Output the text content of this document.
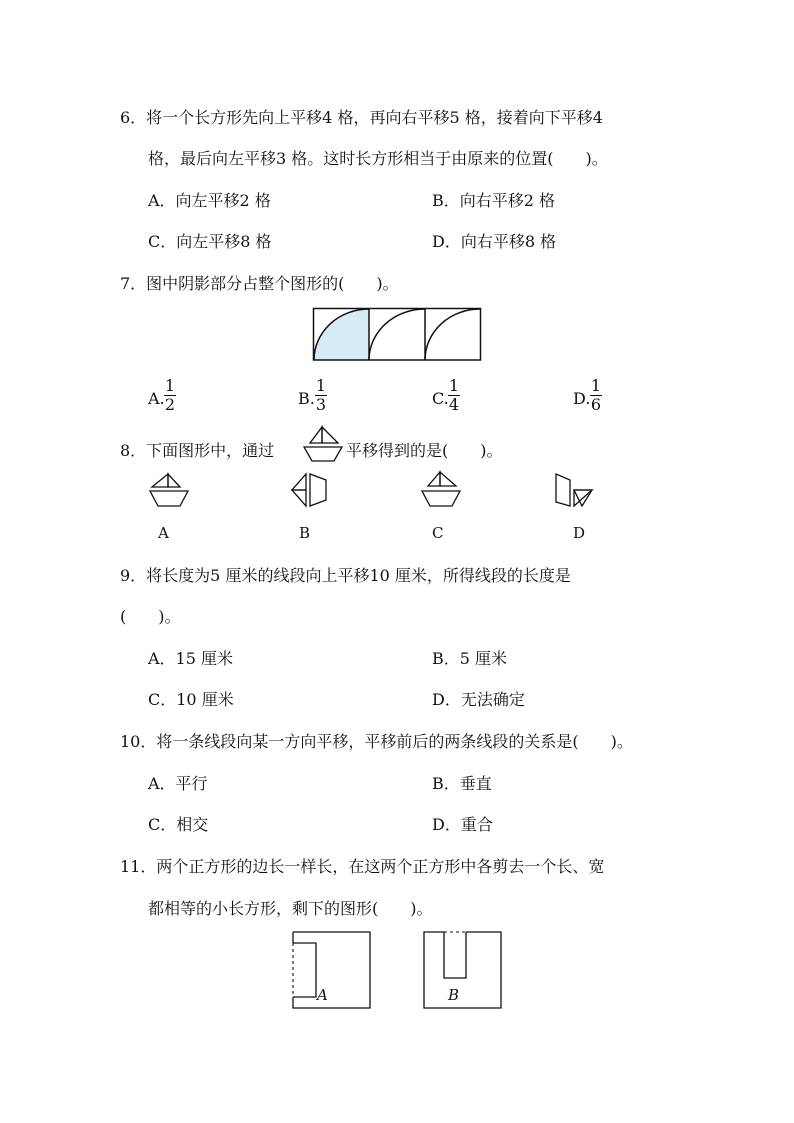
6．将一个长方形先向上平移4 格，再向右平移5 格，接着向下平移4
格，最后向左平移3 格。这时长方形相当于由原来的位置(　　)。
A．向左平移2 格	B．向右平移2 格
C．向左平移8 格	D．向右平移8 格
7．图中阴影部分占整个图形的(　　)。
A.
1
2	B.
1
3	C.
1
4	D.
1
6
8．下面图形中，通过	平移得到的是(　　)。
A	B	C	D
9．将长度为5 厘米的线段向上平移10 厘米，所得线段的长度是
(　　)。
A．15 厘米	B．5 厘米
C．10 厘米	D．无法确定
10．将一条线段向某一方向平移，平移前后的两条线段的关系是(　　)。
A．平行	B．垂直
C．相交	D．重合
11．两个正方形的边长一样长，在这两个正方形中各剪去一个长、宽
都相等的小长方形，剩下的图形(　　)。
A	B
